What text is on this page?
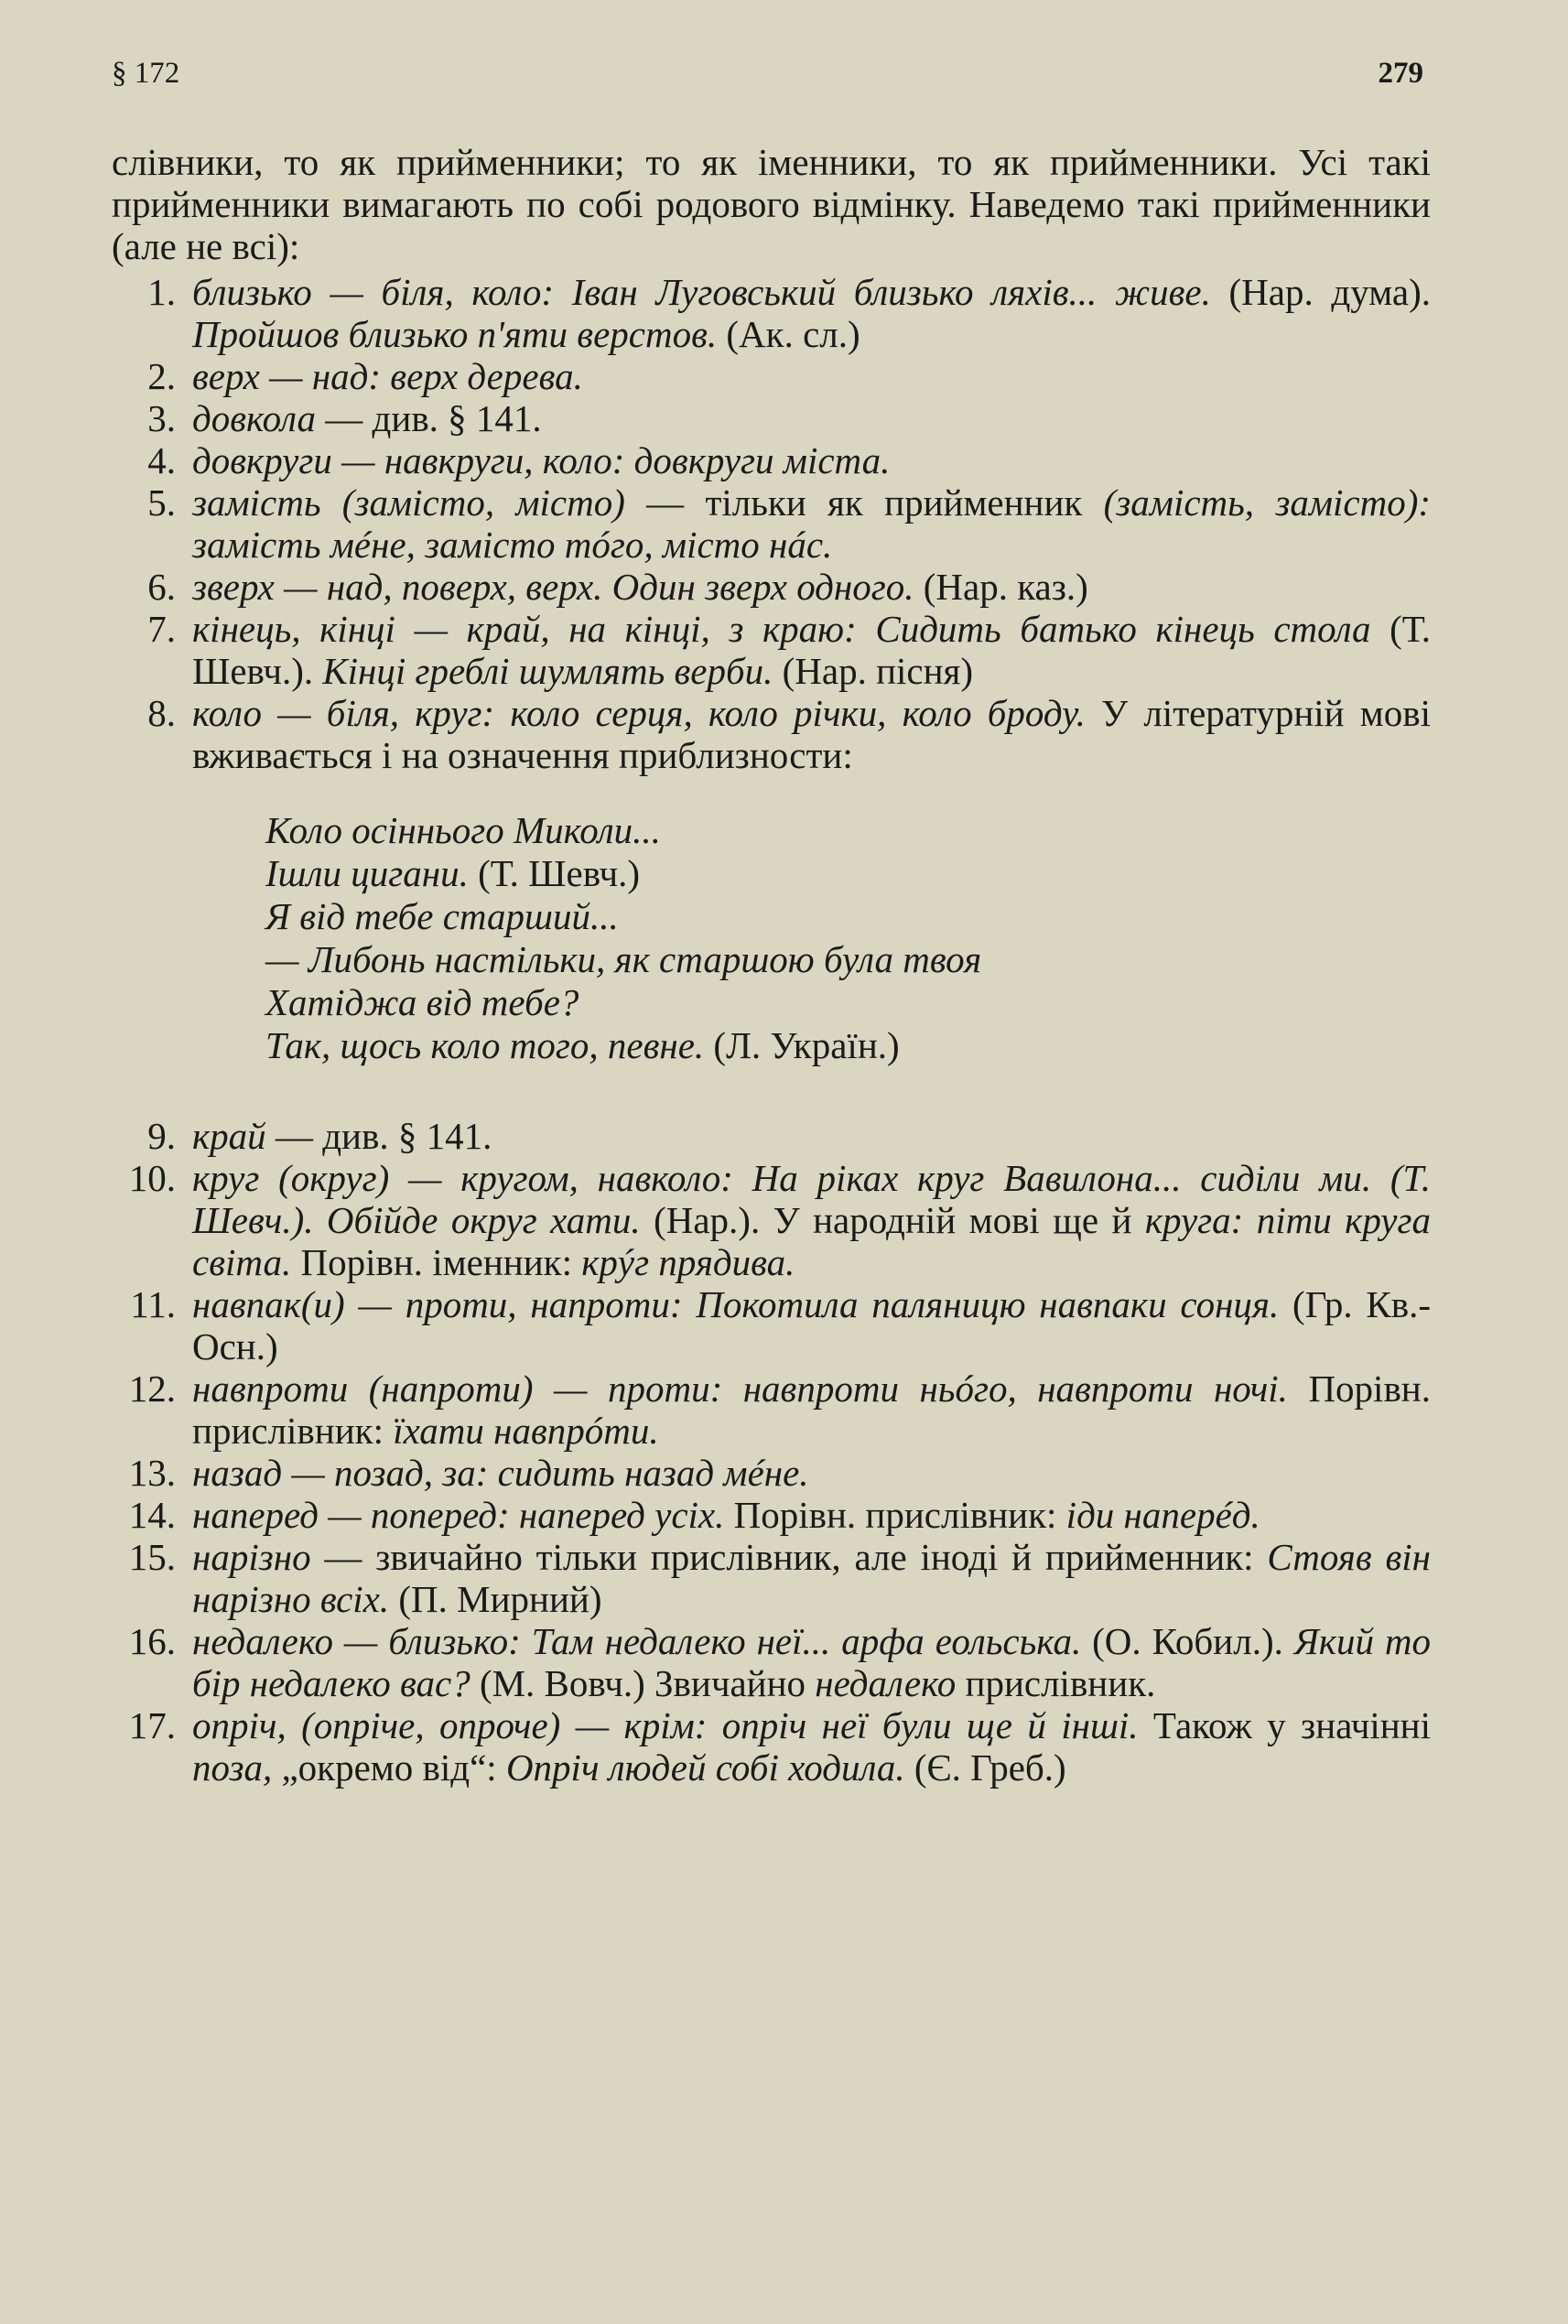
§ 172	279

слівники, то як прийменники; то як іменники, то як прийменники. Усі такі прийменники вимагають по собі родового відмінку. Наведемо такі прийменники (але не всі):

1. близько — біля, коло: Іван Луговський близько ляхів... живе. (Нар. дума). Пройшов близько п'яти верстов. (Ак. сл.)
2. верх — над: верх дерева.
3. довкола — див. § 141.
4. довкруги — навкруги, коло: довкруги міста.
5. замість (замісто, місто) — тільки як прийменник (замість, замісто): замість мéне, замісто тóго, місто нáс.
6. зверх — над, поверх, верх. Один зверх одного. (Нар. каз.)
7. кінець, кінці — край, на кінці, з краю: Сидить батько кінець стола (Т. Шевч.). Кінці греблі шумлять верби. (Нар. пісня)
8. коло — біля, круг: коло серця, коло річки, коло броду. У літературній мові вживається і на означення приблизности:
Коло осіннього Миколи...
Ішли цигани. (Т. Шевч.)
Я від тебе старший...
— Либонь настільки, як старшою була твоя
Хатіджа від тебе?
Так, щось коло того, певне. (Л. Україн.)
9. край — див. § 141.
10. круг (округ) — кругом, навколо: На ріках круг Вавилона... сиділи ми. (Т. Шевч.). Обійде округ хати. (Нар.). У народній мові ще й круга: піти круга світа. Порівн. іменник: крýг прядива.
11. навпак(и) — проти, напроти: Покотила паляницю навпаки сонця. (Гр. Кв.-Осн.)
12. навпроти (напроти) — проти: навпроти ньóго, навпроти ночі. Порівн. прислівник: їхати навпрóти.
13. назад — позад, за: сидить назад мéне.
14. наперед — поперед: наперед усіх. Порівн. прислівник: іди наперéд.
15. нарізно — звичайно тільки прислівник, але іноді й прийменник: Стояв він нарізно всіх. (П. Мирний)
16. недалеко — близько: Там недалеко неї... арфа еольська. (О. Кобил.). Який то бір недалеко вас? (М. Вовч.) Звичайно недалеко прислівник.
17. опріч, (опріче, опроче) — крім: опріч неї були ще й інші. Також у значінні поза, „окремо від“: Опріч людей собі ходила. (Є. Греб.)
